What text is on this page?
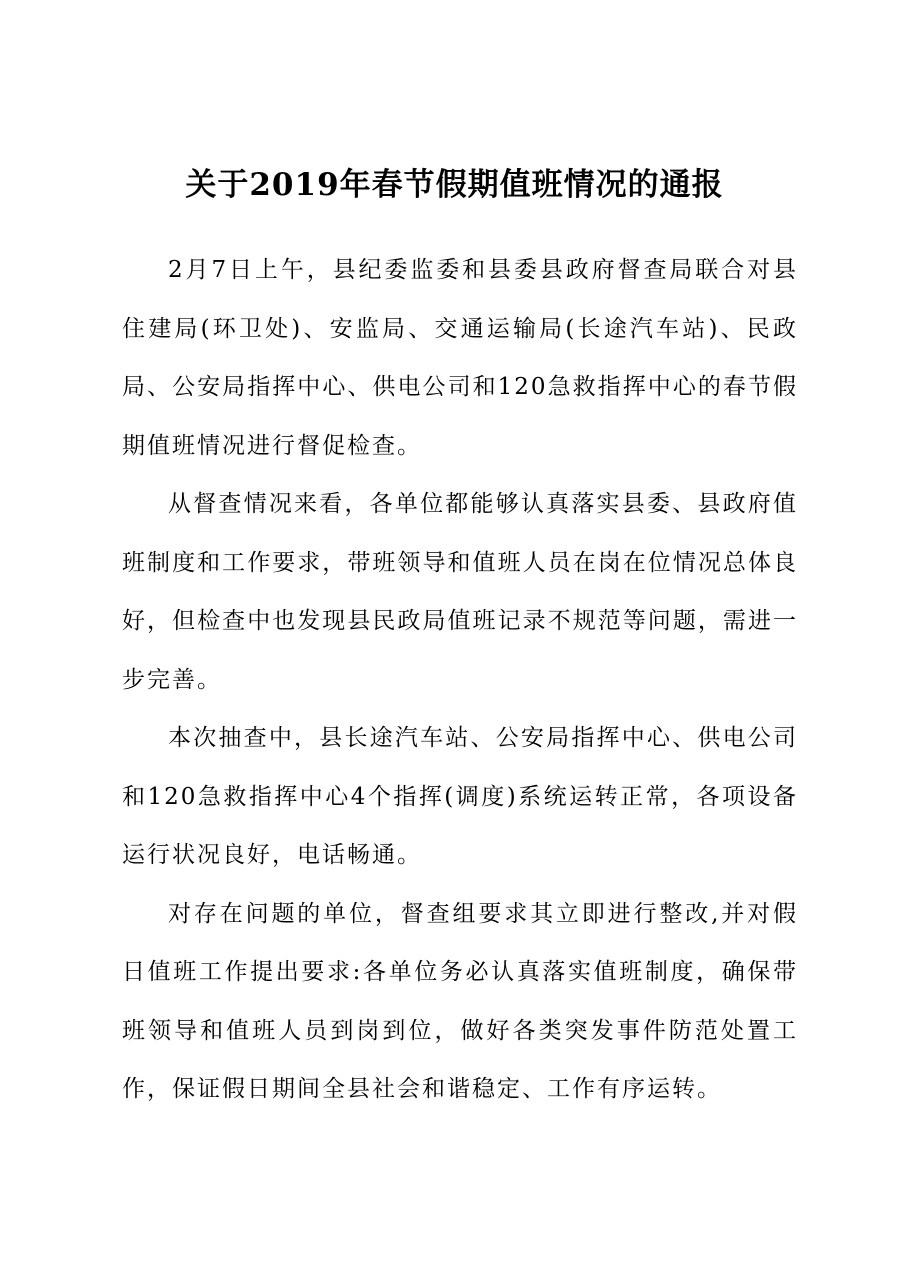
关于2019年春节假期值班情况的通报

2月7日上午，县纪委监委和县委县政府督查局联合对县住建局(环卫处)、安监局、交通运输局(长途汽车站)、民政局、公安局指挥中心、供电公司和120急救指挥中心的春节假期值班情况进行督促检查。

从督查情况来看，各单位都能够认真落实县委、县政府值班制度和工作要求，带班领导和值班人员在岗在位情况总体良好，但检查中也发现县民政局值班记录不规范等问题，需进一步完善。

本次抽查中，县长途汽车站、公安局指挥中心、供电公司和120急救指挥中心4个指挥(调度)系统运转正常，各项设备运行状况良好，电话畅通。

对存在问题的单位，督查组要求其立即进行整改,并对假日值班工作提出要求:各单位务必认真落实值班制度，确保带班领导和值班人员到岗到位，做好各类突发事件防范处置工作，保证假日期间全县社会和谐稳定、工作有序运转。
